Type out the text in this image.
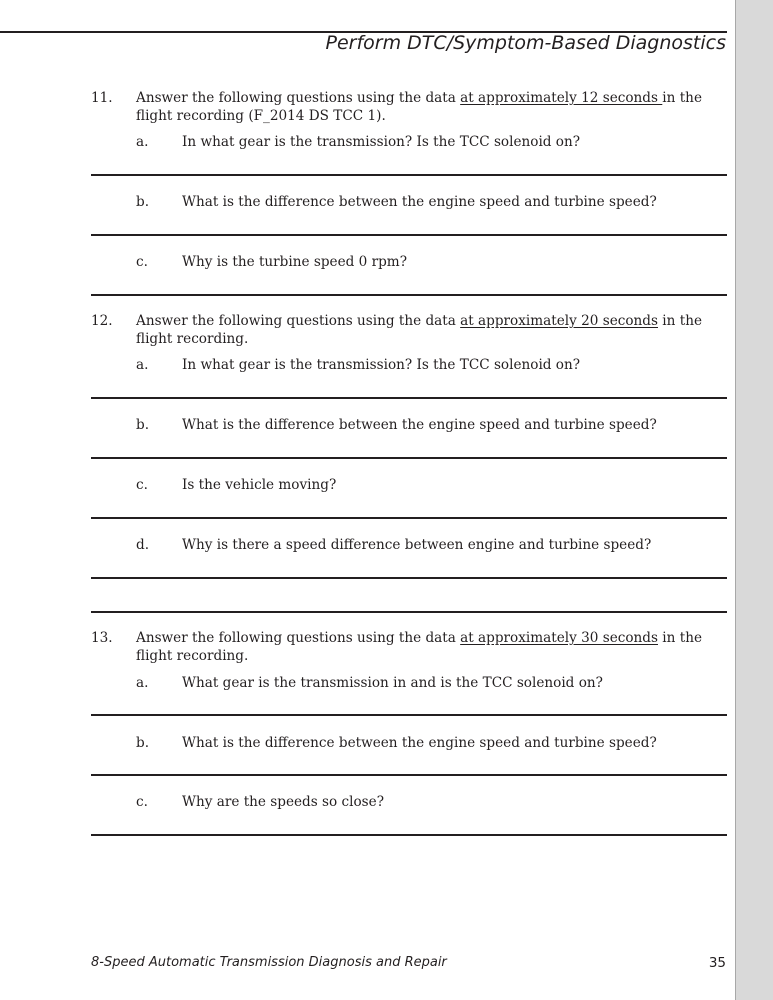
Perform DTC/Symptom-Based Diagnostics
11. Answer the following questions using the data at approximately 12 seconds in the flight recording (F_2014 DS TCC 1).
a. In what gear is the transmission? Is the TCC solenoid on?
b. What is the difference between the engine speed and turbine speed?
c.	Why is the turbine speed 0 rpm?
12. Answer the following questions using the data at approximately 20 seconds in the flight recording.
a. In what gear is the transmission? Is the TCC solenoid on?
b. What is the difference between the engine speed and turbine speed?
c.	Is the vehicle moving?
d. Why is there a speed difference between engine and turbine speed?
13. Answer the following questions using the data at approximately 30 seconds in the flight recording.
a. What gear is the transmission in and is the TCC solenoid on?
b. What is the difference between the engine speed and turbine speed?
c.	Why are the speeds so close?
8-Speed Automatic Transmission Diagnosis and Repair	35
